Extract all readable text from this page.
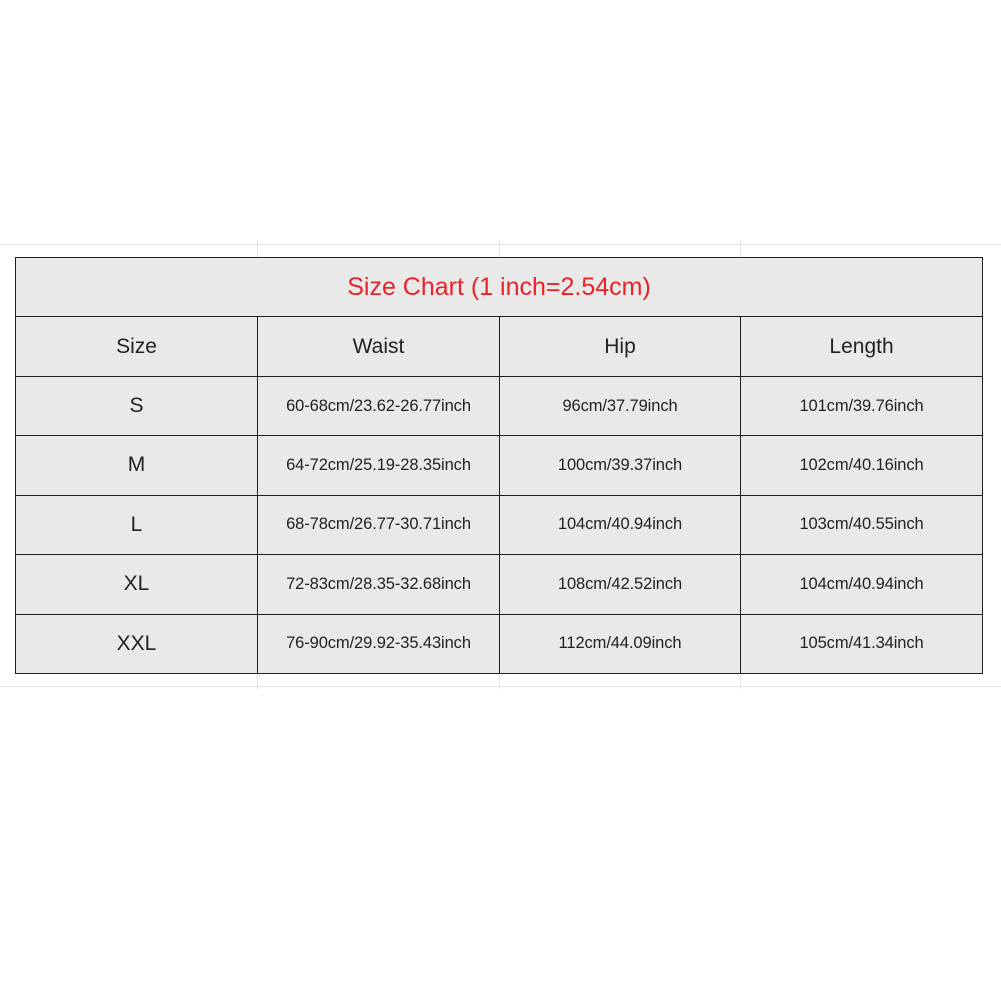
Size Chart (1 inch=2.54cm)			
Size	Waist	Hip	Length
S	60-68cm/23.62-26.77inch	96cm/37.79inch	101cm/39.76inch
M	64-72cm/25.19-28.35inch	100cm/39.37inch	102cm/40.16inch
L	68-78cm/26.77-30.71inch	104cm/40.94inch	103cm/40.55inch
XL	72-83cm/28.35-32.68inch	108cm/42.52inch	104cm/40.94inch
XXL	76-90cm/29.92-35.43inch	112cm/44.09inch	105cm/41.34inch
